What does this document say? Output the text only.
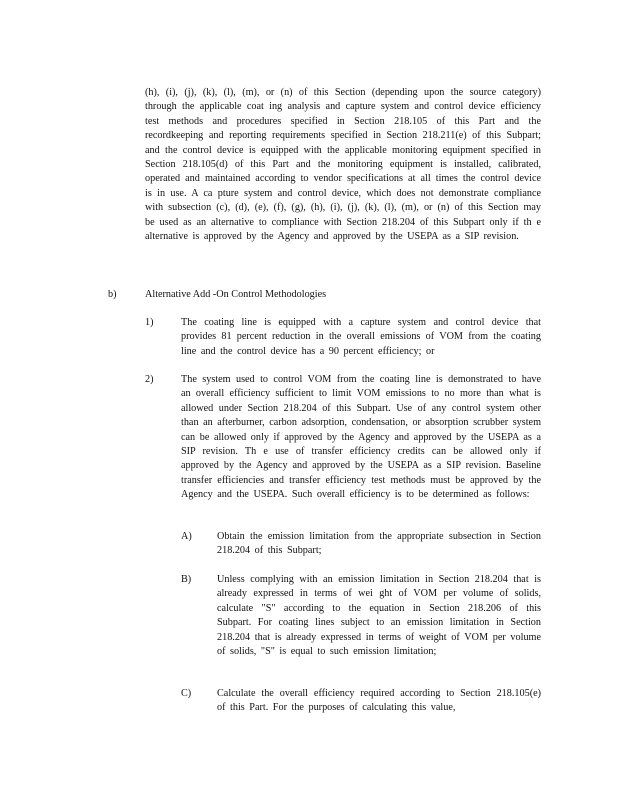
(h), (i), (j), (k), (l), (m), or (n) of this Section (depending upon the source category) through the applicable coat ing analysis and capture system and control device efficiency test methods and procedures specified in Section 218.105 of this Part and the recordkeeping and reporting requirements specified in Section 218.211(e) of this Subpart; and the control device is equipped with the applicable monitoring equipment specified in Section 218.105(d) of this Part and the monitoring equipment is installed, calibrated, operated and maintained according to vendor specifications at all times the control device is in use. A ca pture system and control device, which does not demonstrate compliance with subsection (c), (d), (e), (f), (g), (h), (i), (j), (k), (l), (m), or (n) of this Section may be used as an alternative to compliance with Section 218.204 of this Subpart only if th e alternative is approved by the Agency and approved by the USEPA as a SIP revision.

b)	Alternative Add -On Control Methodologies
1)	The coating line is equipped with a capture system and control device that provides 81 percent reduction in the overall emissions of VOM from the coating line and the control device has a 90 percent efficiency; or

2)	The system used to control VOM from the coating line is demonstrated to have an overall efficiency sufficient to limit VOM emissions to no more than what is allowed under Section 218.204 of this Subpart. Use of any control system other than an afterburner, carbon adsorption, condensation, or absorption scrubber system can be allowed only if approved by the Agency and approved by the USEPA as a SIP revision. Th e use of transfer efficiency credits can be allowed only if approved by the Agency and approved by the USEPA as a SIP revision. Baseline transfer efficiencies and transfer efficiency test methods must be approved by the Agency and the USEPA. Such overall efficiency is to be determined as follows:

A) Obtain the emission limitation from the appropriate subsection in Section 218.204 of this Subpart;

B)	Unless complying with an emission limitation in Section 218.204 that is already expressed in terms of wei ght of VOM per volume of solids, calculate "S" according to the equation in Section 218.206 of this Subpart. For coating lines subject to an emission limitation in Section 218.204 that is already expressed in terms of weight of VOM per volume of solids, "S" is equal to such emission limitation;

C)	Calculate the overall efficiency required according to Section 218.105(e) of this Part. For the purposes of calculating this value,
